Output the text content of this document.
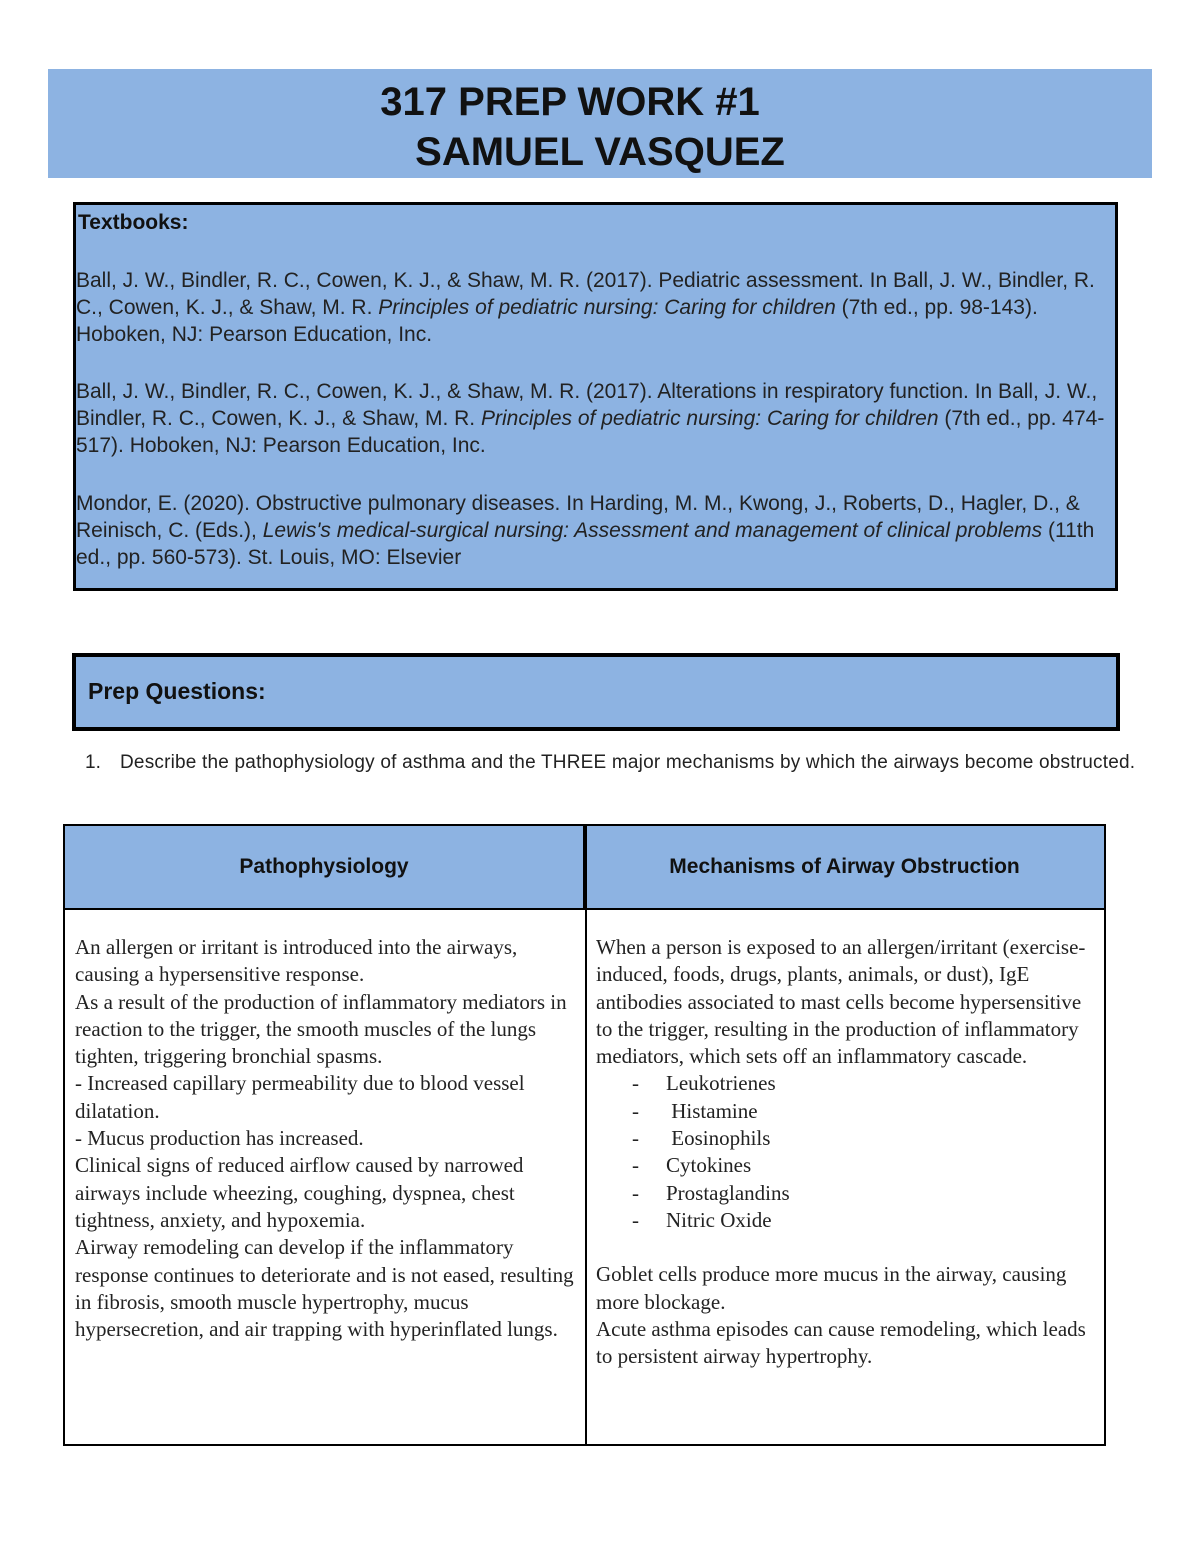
317 PREP WORK #1
SAMUEL VASQUEZ
Textbooks:
Ball, J. W., Bindler, R. C., Cowen, K. J., & Shaw, M. R. (2017). Pediatric assessment. In Ball, J. W., Bindler, R. C., Cowen, K. J., & Shaw, M. R. Principles of pediatric nursing: Caring for children (7th ed., pp. 98-143). Hoboken, NJ: Pearson Education, Inc.
Ball, J. W., Bindler, R. C., Cowen, K. J., & Shaw, M. R. (2017). Alterations in respiratory function. In Ball, J. W., Bindler, R. C., Cowen, K. J., & Shaw, M. R. Principles of pediatric nursing: Caring for children (7th ed., pp. 474-517). Hoboken, NJ: Pearson Education, Inc.
Mondor, E. (2020). Obstructive pulmonary diseases. In Harding, M. M., Kwong, J., Roberts, D., Hagler, D., & Reinisch, C. (Eds.), Lewis's medical-surgical nursing: Assessment and management of clinical problems (11th ed., pp. 560-573). St. Louis, MO: Elsevier
Prep Questions:
1. Describe the pathophysiology of asthma and the THREE major mechanisms by which the airways become obstructed.
Pathophysiology	Mechanisms of Airway Obstruction

An allergen or irritant is introduced into the airways, causing a hypersensitive response.

As a result of the production of inflammatory mediators in reaction to the trigger, the smooth muscles of the lungs tighten, triggering bronchial spasms.

- Increased capillary permeability due to blood vessel dilatation.

- Mucus production has increased.

Clinical signs of reduced airflow caused by narrowed airways include wheezing, coughing, dyspnea, chest tightness, anxiety, and hypoxemia.

Airway remodeling can develop if the inflammatory response continues to deteriorate and is not eased, resulting in fibrosis, smooth muscle hypertrophy, mucus hypersecretion, and air trapping with hyperinflated lungs.

When a person is exposed to an allergen/irritant (exercise-induced, foods, drugs, plants, animals, or dust), IgE antibodies associated to mast cells become hypersensitive to the trigger, resulting in the production of inflammatory mediators, which sets off an inflammatory cascade.

- Leukotrienes
-  Histamine
-  Eosinophils
- Cytokines
- Prostaglandins
- Nitric Oxide

Goblet cells produce more mucus in the airway, causing more blockage.

Acute asthma episodes can cause remodeling, which leads to persistent airway hypertrophy.
